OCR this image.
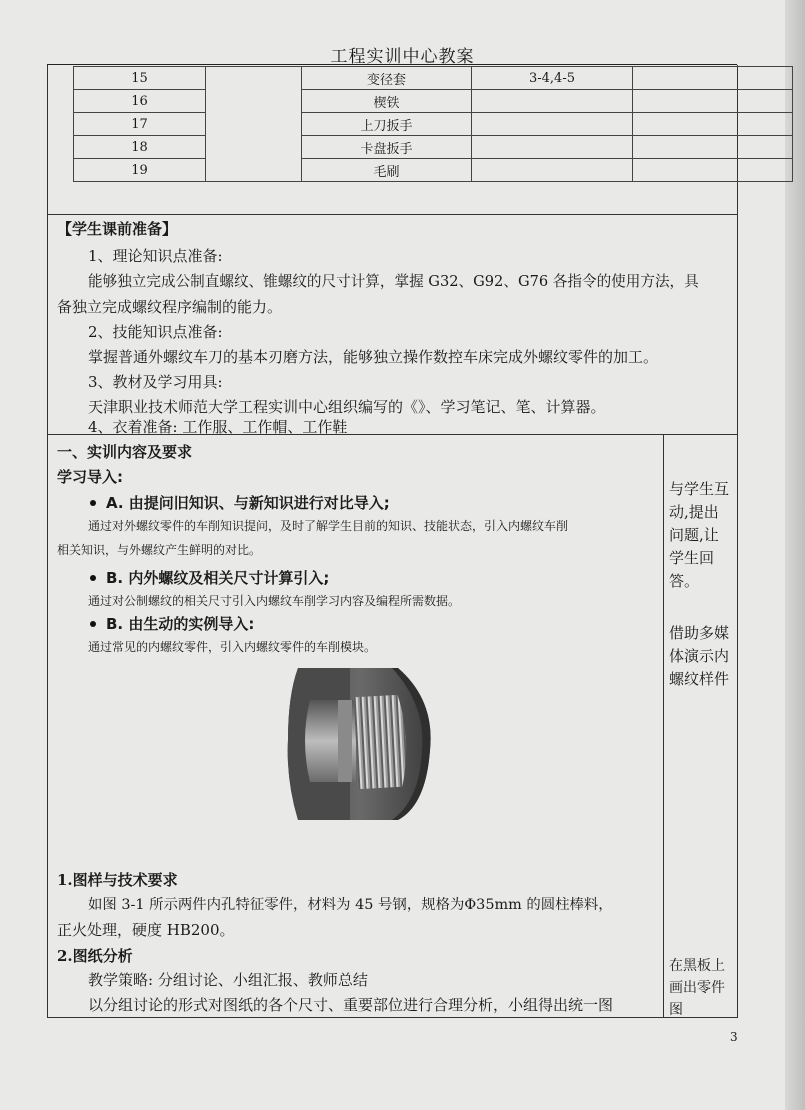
工程实训中心教案
15		变径套	3-4,4-5	
16		楔铁		
17		上刀扳手		
18		卡盘扳手		
19		毛刷		
【学生课前准备】
1、理论知识点准备:
能够独立完成公制直螺纹、锥螺纹的尺寸计算，掌握 G32、G92、G76 各指令的使用方法，具
备独立完成螺纹程序编制的能力。
2、技能知识点准备:
掌握普通外螺纹车刀的基本刃磨方法，能够独立操作数控车床完成外螺纹零件的加工。
3、教材及学习用具:
天津职业技术师范大学工程实训中心组织编写的《》、学习笔记、笔、计算器。
4、衣着准备: 工作服、工作帽、工作鞋
一、实训内容及要求
学习导入:
A. 由提问旧知识、与新知识进行对比导入;
通过对外螺纹零件的车削知识提问，及时了解学生目前的知识、技能状态，引入内螺纹车削
相关知识，与外螺纹产生鲜明的对比。
B. 内外螺纹及相关尺寸计算引入;
通过对公制螺纹的相关尺寸引入内螺纹车削学习内容及编程所需数据。
B. 由生动的实例导入:
通过常见的内螺纹零件，引入内螺纹零件的车削模块。
1.图样与技术要求
如图 3-1 所示两件内孔特征零件，材料为 45 号钢，规格为Φ35mm 的圆柱棒料，
正火处理，硬度 HB200。
2.图纸分析
教学策略: 分组讨论、小组汇报、教师总结
以分组讨论的形式对图纸的各个尺寸、重要部位进行合理分析，小组得出统一图
与学生互动,提出问题,让学生回答。
借助多媒体演示内螺纹样件
在黑板上画出零件图
3
